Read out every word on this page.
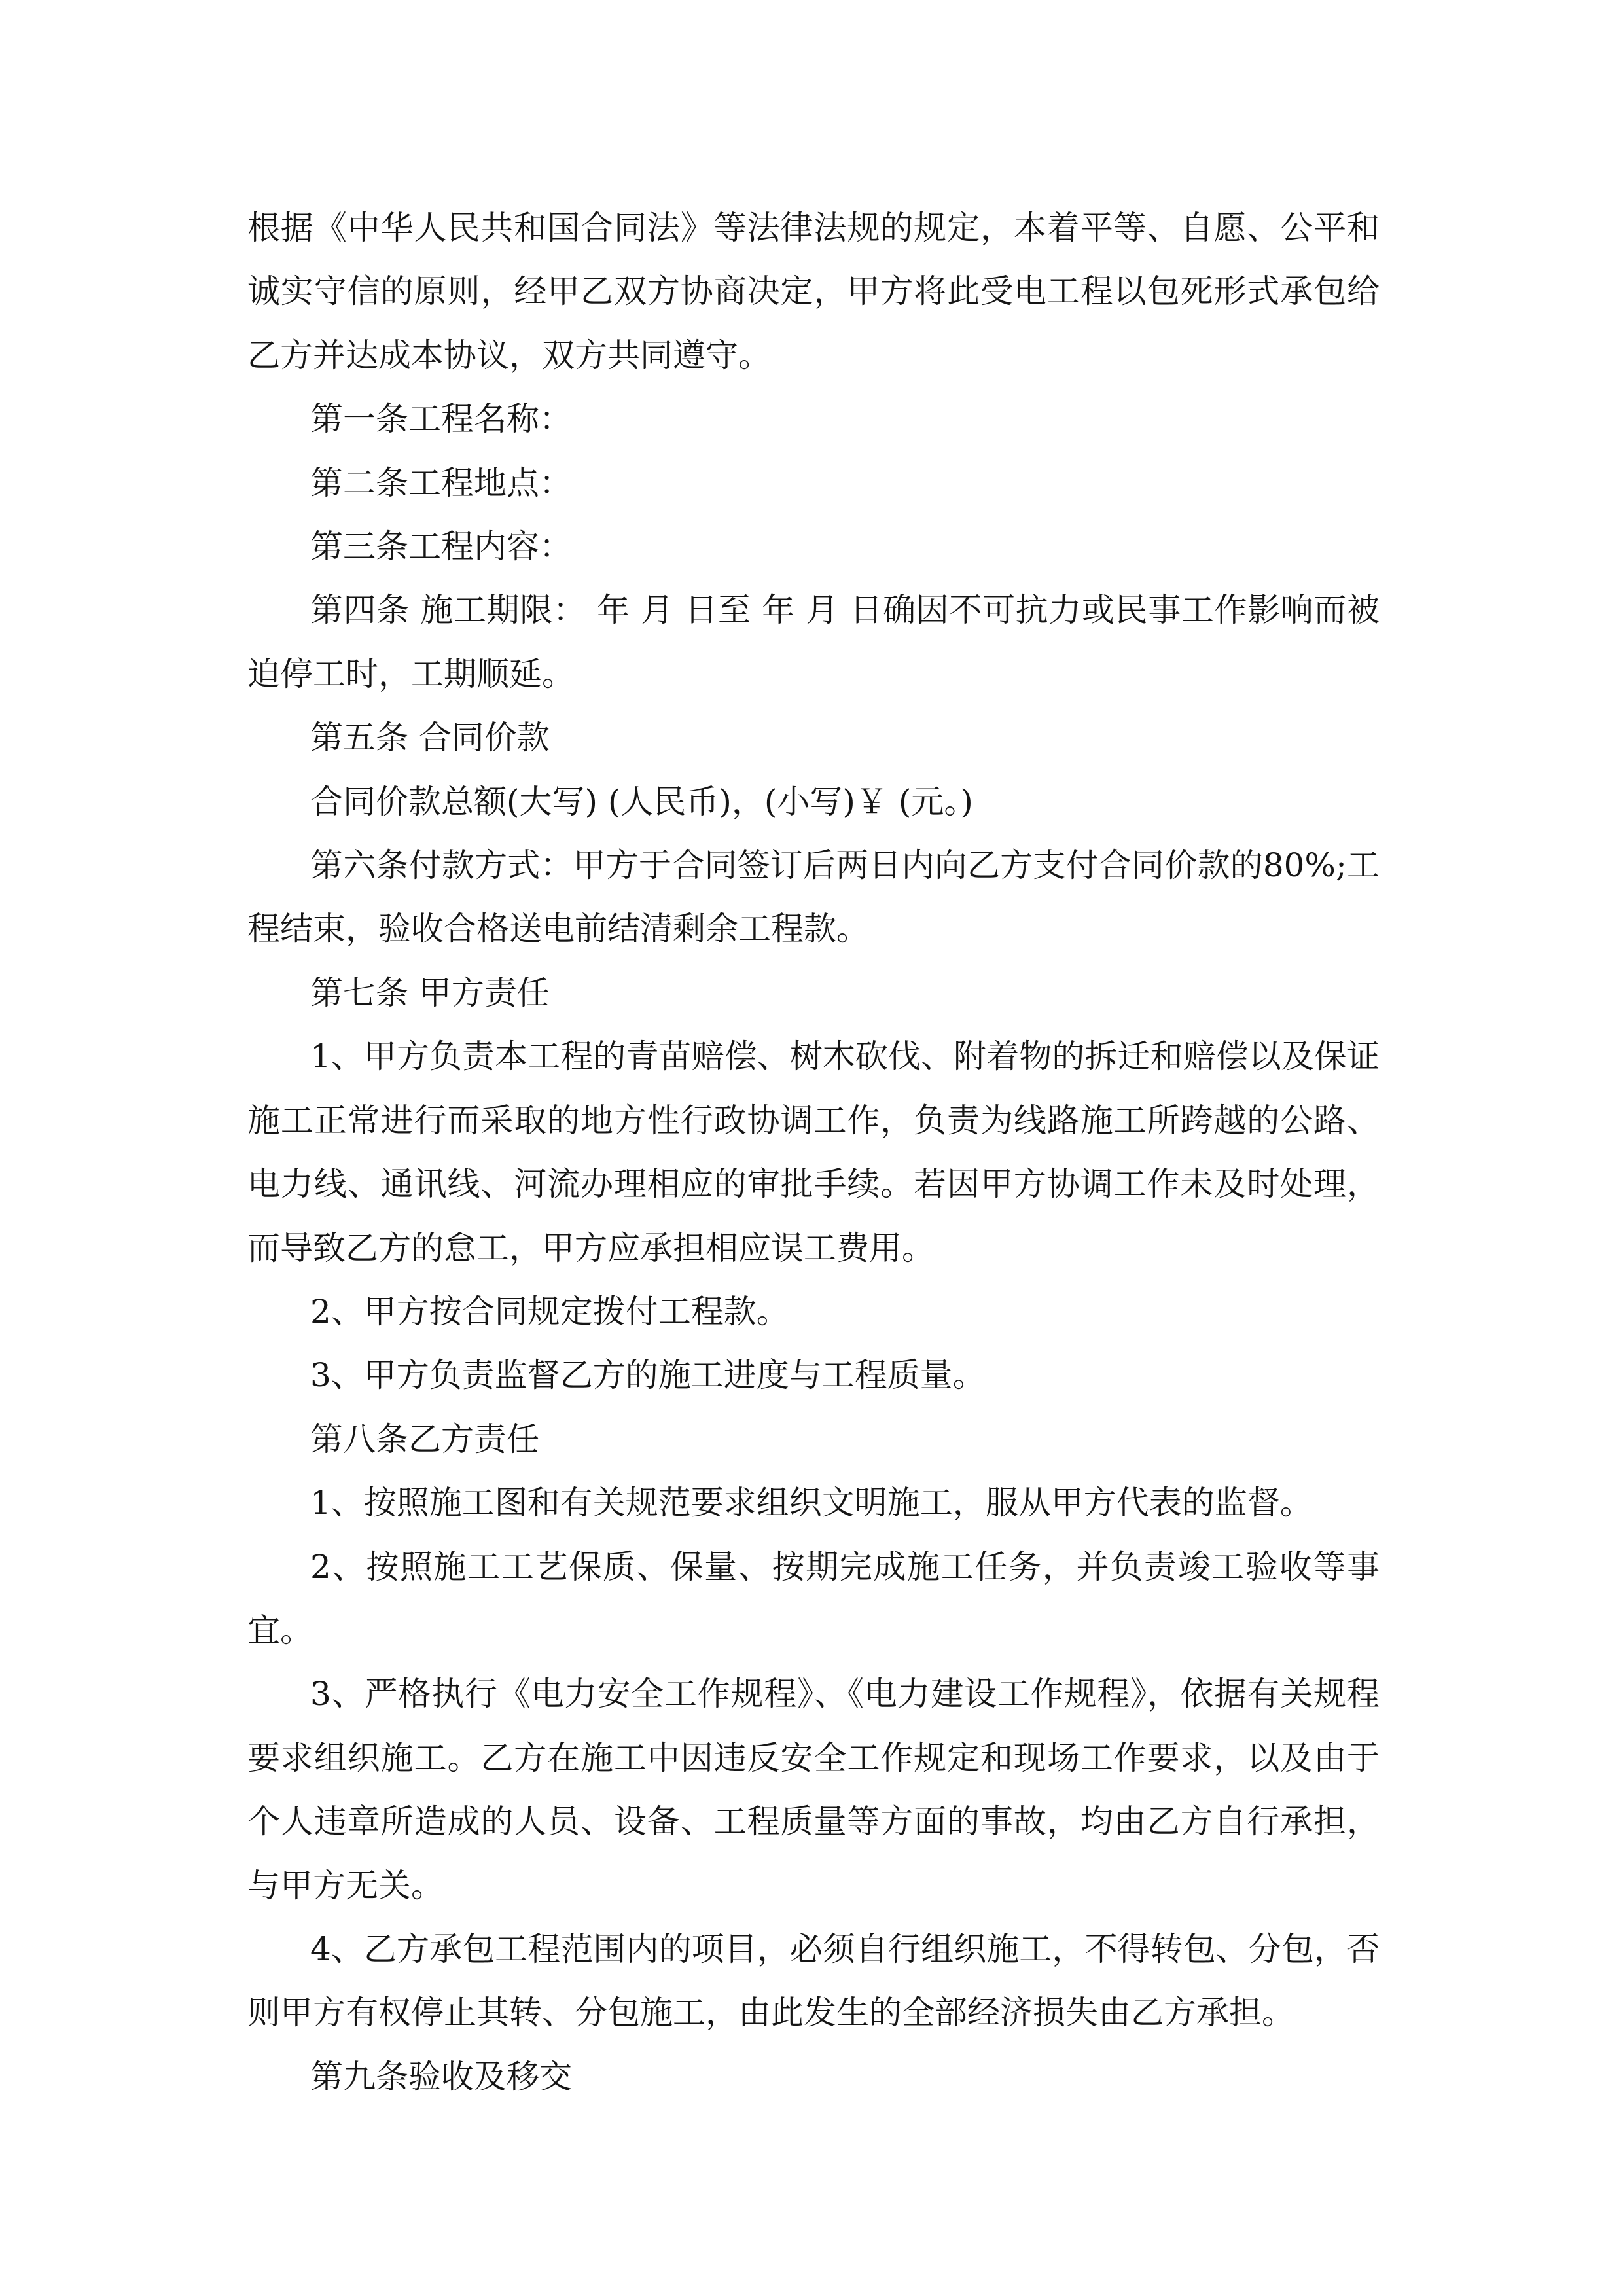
根据《中华人民共和国合同法》等法律法规的规定，本着平等、自愿、公平和诚实守信的原则，经甲乙双方协商决定，甲方将此受电工程以包死形式承包给乙方并达成本协议，双方共同遵守。

第一条工程名称：

第二条工程地点：

第三条工程内容：

第四条 施工期限： 年 月 日至 年 月 日确因不可抗力或民事工作影响而被迫停工时，工期顺延。

第五条 合同价款

合同价款总额(大写) (人民币)，(小写)￥ (元。)

第六条付款方式：甲方于合同签订后两日内向乙方支付合同价款的80%;工程结束，验收合格送电前结清剩余工程款。

第七条 甲方责任

1、甲方负责本工程的青苗赔偿、树木砍伐、附着物的拆迁和赔偿以及保证施工正常进行而采取的地方性行政协调工作，负责为线路施工所跨越的公路、电力线、通讯线、河流办理相应的审批手续。若因甲方协调工作未及时处理，而导致乙方的怠工，甲方应承担相应误工费用。

2、甲方按合同规定拨付工程款。

3、甲方负责监督乙方的施工进度与工程质量。

第八条乙方责任

1、按照施工图和有关规范要求组织文明施工，服从甲方代表的监督。

2、按照施工工艺保质、保量、按期完成施工任务，并负责竣工验收等事宜。

3、严格执行《电力安全工作规程》、《电力建设工作规程》，依据有关规程要求组织施工。乙方在施工中因违反安全工作规定和现场工作要求，以及由于个人违章所造成的人员、设备、工程质量等方面的事故，均由乙方自行承担，与甲方无关。

4、乙方承包工程范围内的项目，必须自行组织施工，不得转包、分包，否则甲方有权停止其转、分包施工，由此发生的全部经济损失由乙方承担。

第九条验收及移交
